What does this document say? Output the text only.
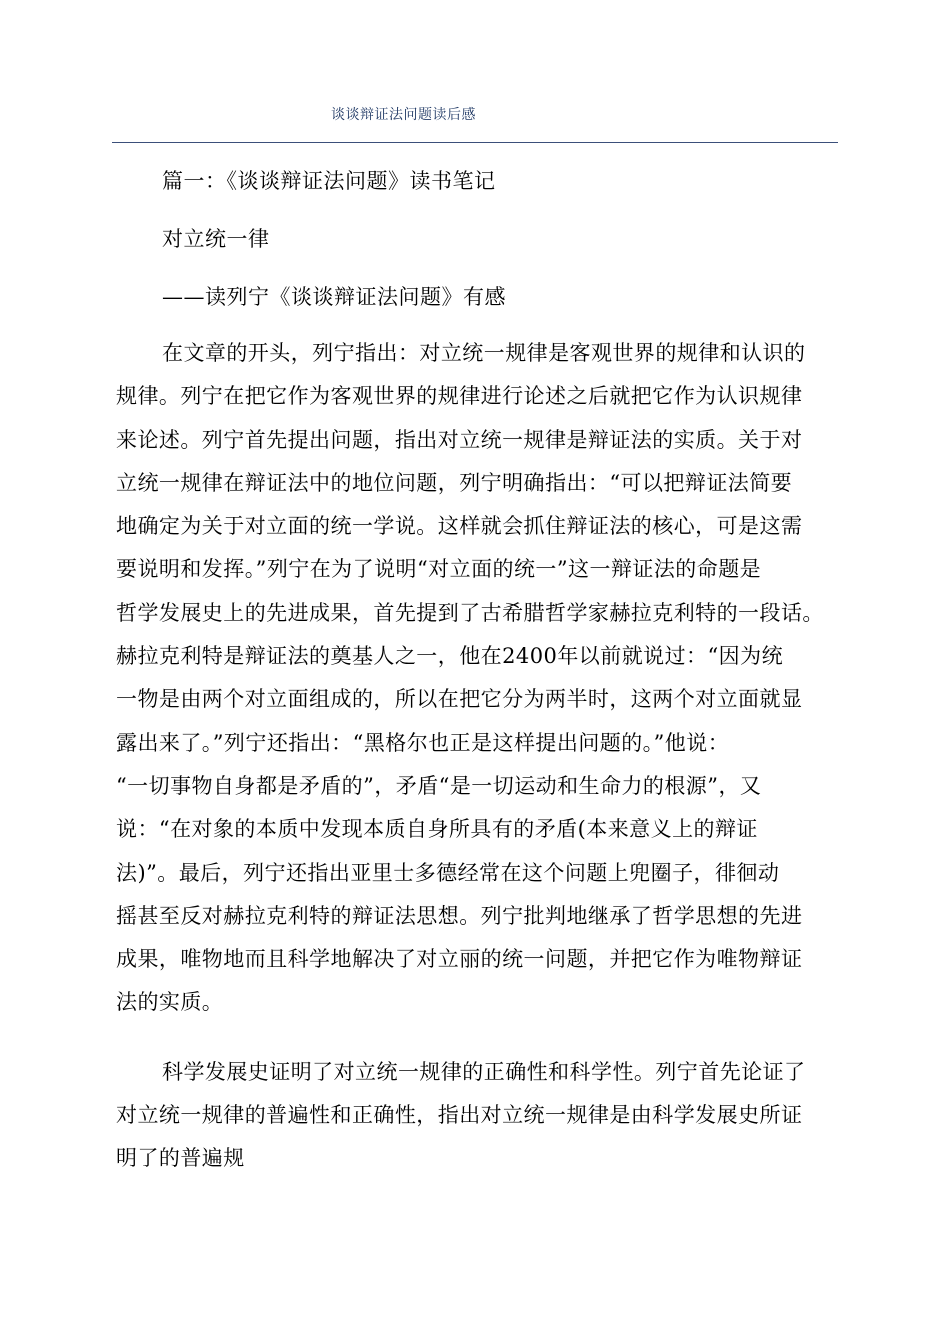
谈谈辩证法问题读后感
篇一：《谈谈辩证法问题》读书笔记
对立统一律
——读列宁《谈谈辩证法问题》有感
在文章的开头，列宁指出：对立统一规律是客观世界的规律和认识的
规律。列宁在把它作为客观世界的规律进行论述之后就把它作为认识规律
来论述。列宁首先提出问题，指出对立统一规律是辩证法的实质。关于对
立统一规律在辩证法中的地位问题，列宁明确指出：“可以把辩证法简要
地确定为关于对立面的统一学说。这样就会抓住辩证法的核心，可是这需
要说明和发挥。”列宁在为了说明“对立面的统一”这一辩证法的命题是
哲学发展史上的先进成果，首先提到了古希腊哲学家赫拉克利特的一段话。
赫拉克利特是辩证法的奠基人之一，他在2400年以前就说过：“因为统
一物是由两个对立面组成的，所以在把它分为两半时，这两个对立面就显
露出来了。”列宁还指出：“黑格尔也正是这样提出问题的。”他说：
“一切事物自身都是矛盾的”，矛盾“是一切运动和生命力的根源”，又
说：“在对象的本质中发现本质自身所具有的矛盾(本来意义上的辩证
法)”。最后，列宁还指出亚里士多德经常在这个问题上兜圈子，徘徊动
摇甚至反对赫拉克利特的辩证法思想。列宁批判地继承了哲学思想的先进
成果，唯物地而且科学地解决了对立丽的统一问题，并把它作为唯物辩证
法的实质。
科学发展史证明了对立统一规律的正确性和科学性。列宁首先论证了
对立统一规律的普遍性和正确性，指出对立统一规律是由科学发展史所证
明了的普遍规
